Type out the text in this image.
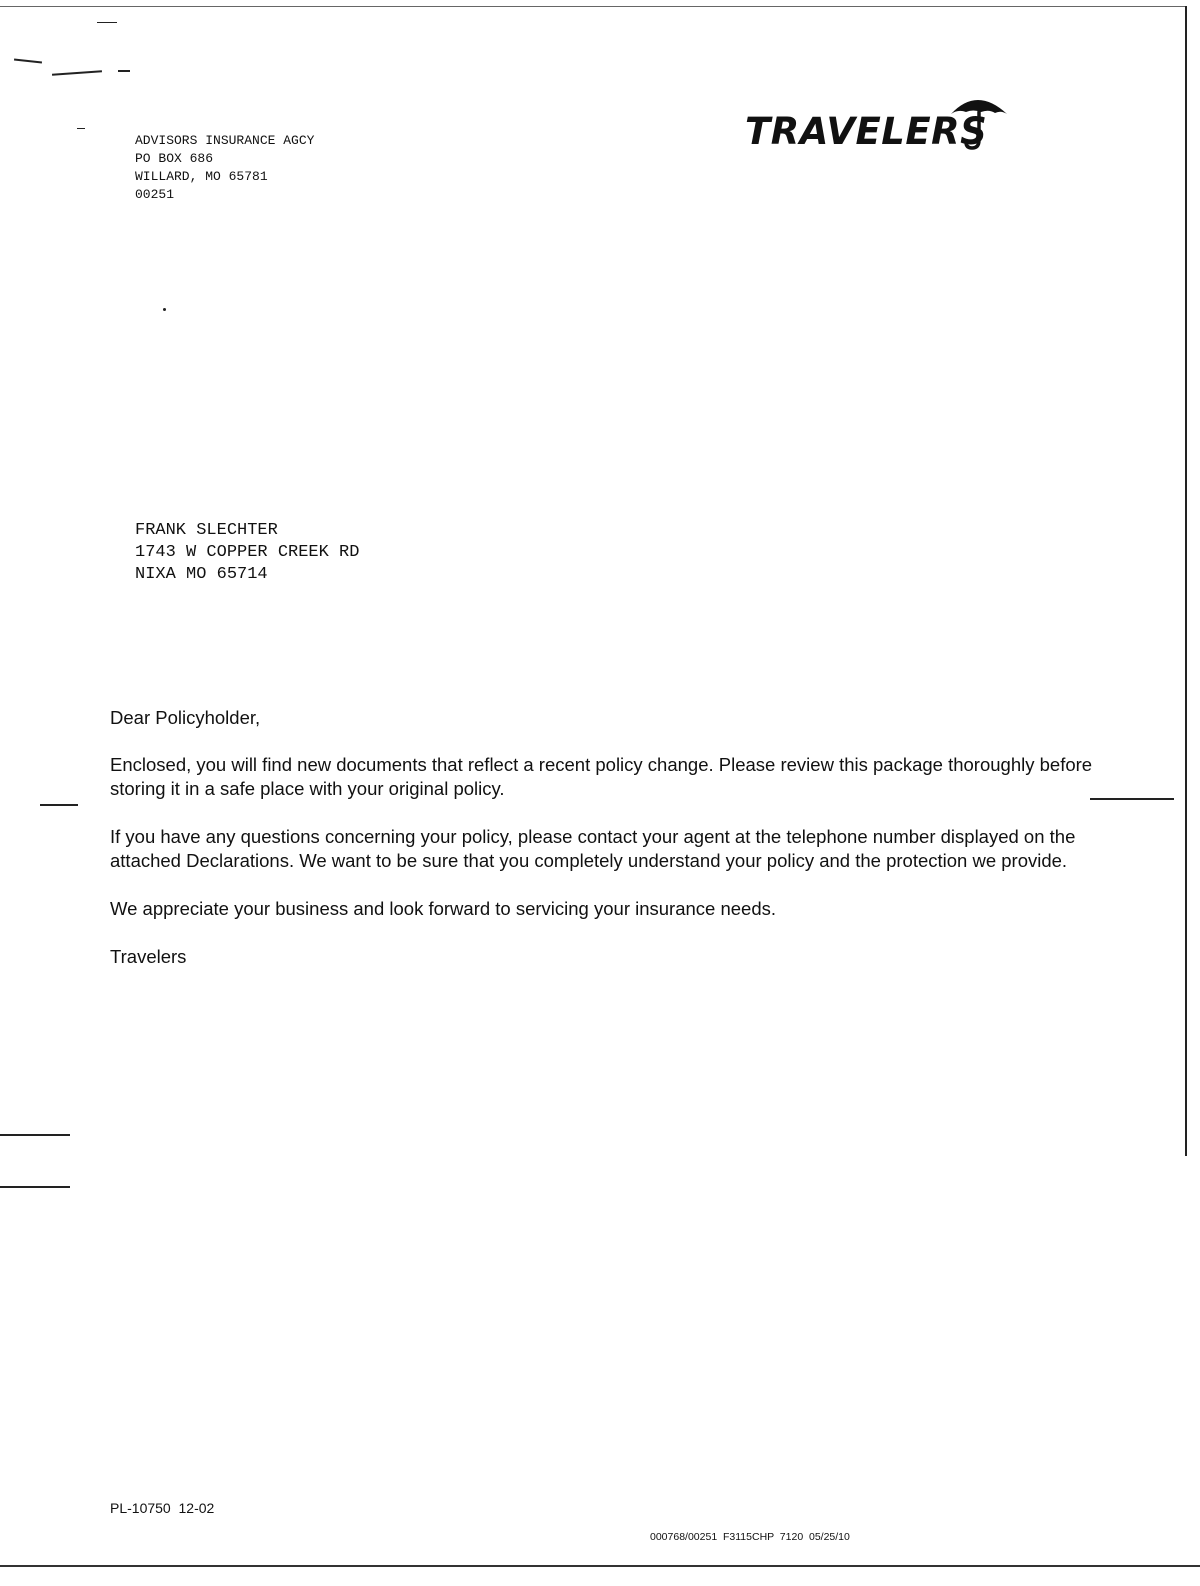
ADVISORS INSURANCE AGCY
PO BOX 686
WILLARD, MO 65781
00251
TRAVELERS
FRANK SLECHTER
1743 W COPPER CREEK RD
NIXA MO 65714

Dear Policyholder,

Enclosed, you will find new documents that reflect a recent policy change. Please review this package thoroughly before storing it in a safe place with your original policy.

If you have any questions concerning your policy, please contact your agent at the telephone number displayed on the attached Declarations. We want to be sure that you completely understand your policy and the protection we provide.

We appreciate your business and look forward to servicing your insurance needs.

Travelers

PL-10750  12-02
000768/00251  F3115CHP  7120  05/25/10
